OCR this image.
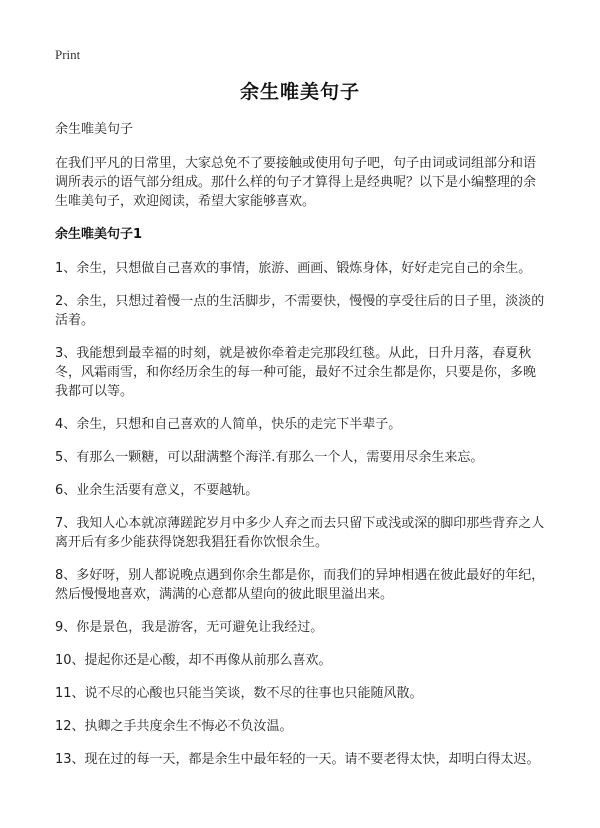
Print
余生唯美句子

余生唯美句子

在我们平凡的日常里，大家总免不了要接触或使用句子吧，句子由词或词组部分和语调所表示的语气部分组成。那什么样的句子才算得上是经典呢？以下是小编整理的余生唯美句子，欢迎阅读，希望大家能够喜欢。

余生唯美句子1

1、余生，只想做自己喜欢的事情，旅游、画画、锻炼身体，好好走完自己的余生。

2、余生，只想过着慢一点的生活脚步，不需要快，慢慢的享受往后的日子里，淡淡的活着。

3、我能想到最幸福的时刻，就是被你牵着走完那段红毯。从此，日升月落，春夏秋冬，风霜雨雪，和你经历余生的每一种可能，最好不过余生都是你，只要是你，多晚我都可以等。

4、余生，只想和自己喜欢的人简单，快乐的走完下半辈子。

5、有那么一颗糖，可以甜满整个海洋.有那么一个人，需要用尽余生来忘。

6、业余生活要有意义，不要越轨。

7、我知人心本就凉薄蹉跎岁月中多少人弃之而去只留下或浅或深的脚印那些背弃之人离开后有多少能获得饶恕我猖狂看你饮恨余生。

8、多好呀，别人都说晚点遇到你余生都是你，而我们的异坤相遇在彼此最好的年纪，然后慢慢地喜欢，满满的心意都从望向的彼此眼里溢出来。

9、你是景色，我是游客，无可避免让我经过。

10、提起你还是心酸，却不再像从前那么喜欢。

11、说不尽的心酸也只能当笑谈，数不尽的往事也只能随风散。

12、执卿之手共度余生不悔必不负汝温。

13、现在过的每一天，都是余生中最年轻的一天。请不要老得太快，却明白得太迟。
